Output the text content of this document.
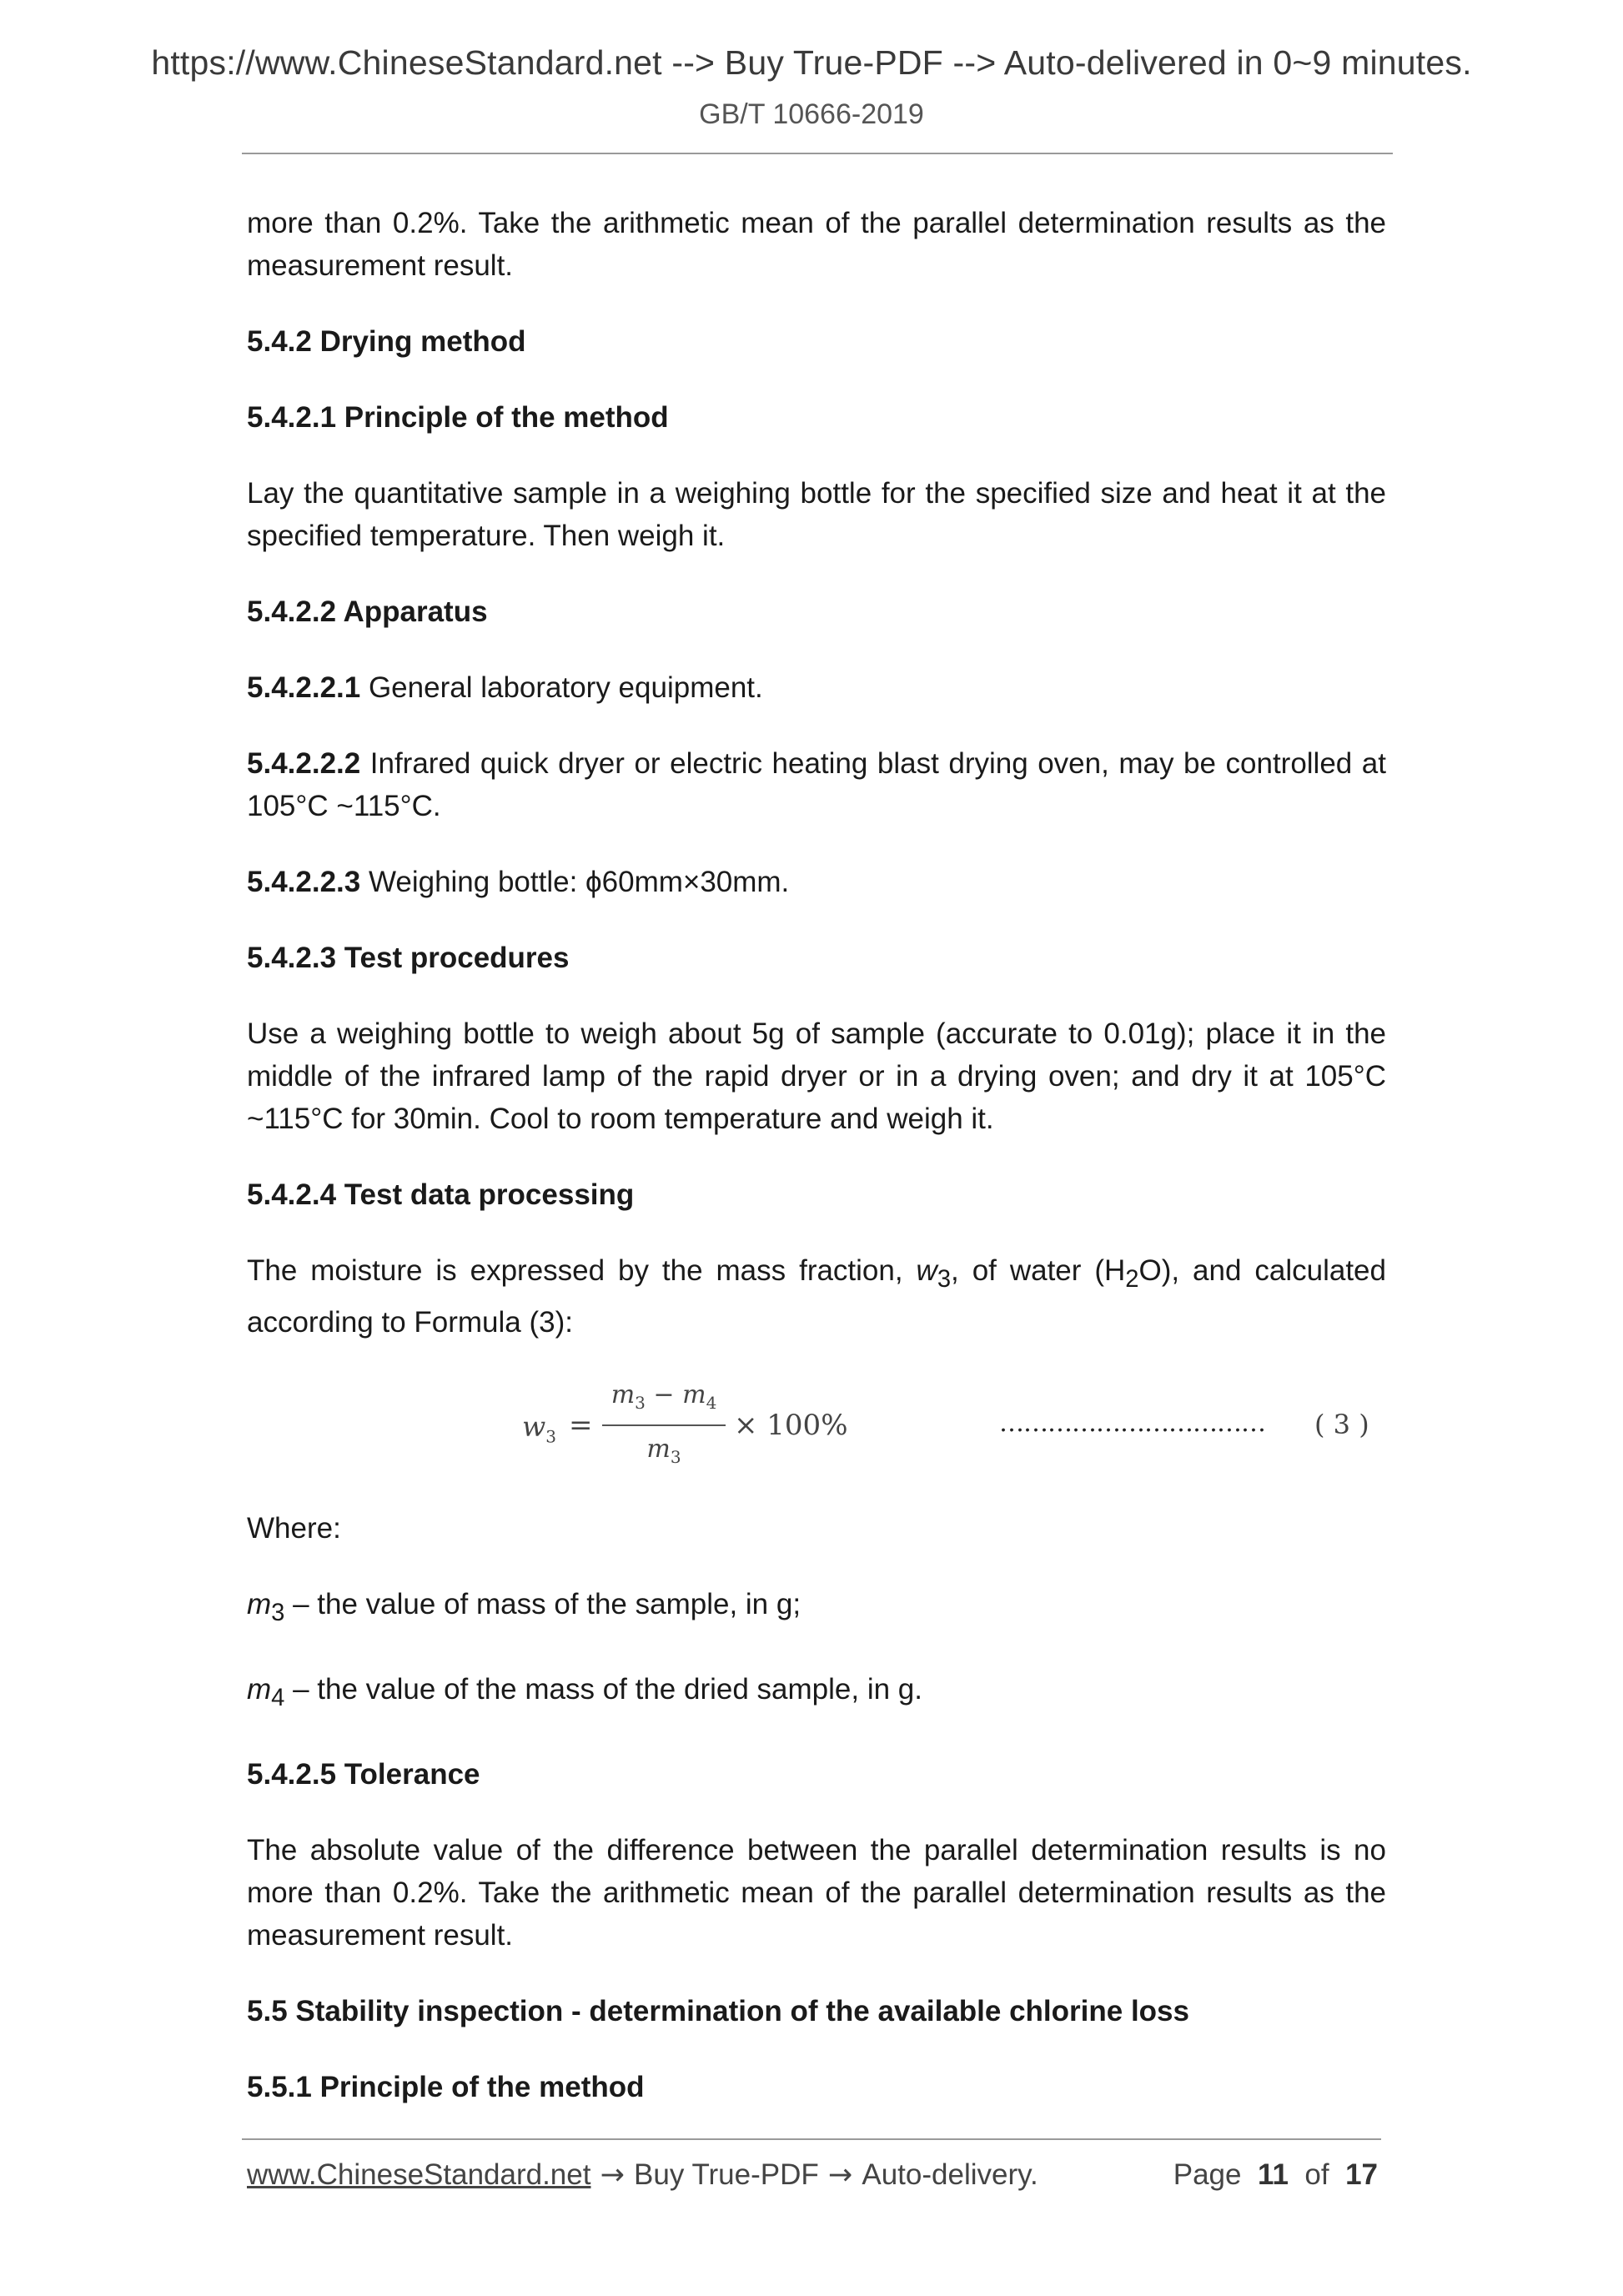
https://www.ChineseStandard.net --> Buy True-PDF --> Auto-delivered in 0~9 minutes.
GB/T 10666-2019

more than 0.2%. Take the arithmetic mean of the parallel determination results as the measurement result.

5.4.2 Drying method
5.4.2.1 Principle of the method

Lay the quantitative sample in a weighing bottle for the specified size and heat it at the specified temperature. Then weigh it.

5.4.2.2 Apparatus

5.4.2.2.1 General laboratory equipment.

5.4.2.2.2 Infrared quick dryer or electric heating blast drying oven, may be controlled at 105°C ~115°C.

5.4.2.2.3 Weighing bottle: ϕ60mm×30mm.

5.4.2.3 Test procedures

Use a weighing bottle to weigh about 5g of sample (accurate to 0.01g); place it in the middle of the infrared lamp of the rapid dryer or in a drying oven; and dry it at 105°C ~115°C for 30min. Cool to room temperature and weigh it.

5.4.2.4 Test data processing

The moisture is expressed by the mass fraction, $w_3$, of water $(H_2O)$, and calculated according to Formula (3):

$w_3$ =
$m_3 - m_4$
$m_3$
× 100%	…………………………… ( 3 )

Where:

$m_3$ – the value of mass of the sample, in g;

$m_4$ – the value of the mass of the dried sample, in g.

5.4.2.5 Tolerance

The absolute value of the difference between the parallel determination results is no more than 0.2%. Take the arithmetic mean of the parallel determination results as the measurement result.

5.5 Stability inspection - determination of the available chlorine loss
5.5.1 Principle of the method
www.ChineseStandard.net → Buy True-PDF → Auto-delivery.	Page 11 of 17
